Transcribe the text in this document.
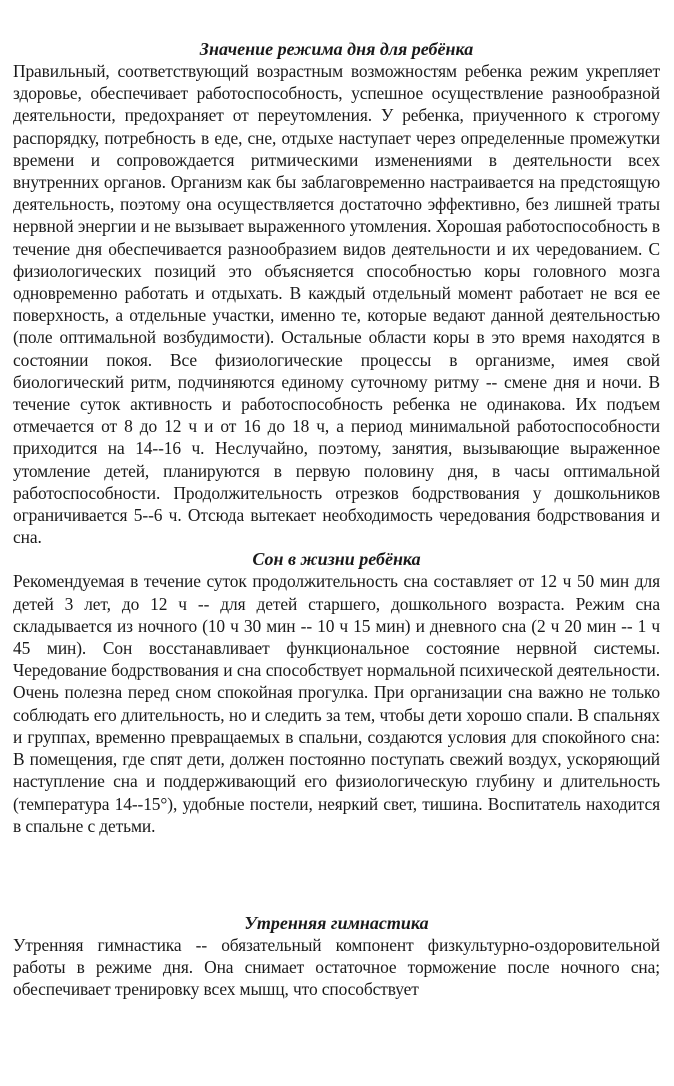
Значение режима дня для ребёнка

Правильный, соответствующий возрастным возможностям ребенка режим укрепляет здоровье, обеспечивает работоспособность, успешное осуществление разнообразной деятельности, предохраняет от переутомления. У ребенка, приученного к строгому распорядку, потребность в еде, сне, отдыхе наступает через определенные промежутки времени и сопровождается ритмическими изменениями в деятельности всех внутренних органов. Организм как бы заблаговременно настраивается на предстоящую деятельность, поэтому она осуществляется достаточно эффективно, без лишней траты нервной энергии и не вызывает выраженного утомления. Хорошая работоспособность в течение дня обеспечивается разнообразием видов деятельности и их чередованием. С физиологических позиций это объясняется способностью коры головного мозга одновременно работать и отдыхать. В каждый отдельный момент работает не вся ее поверхность, а отдельные участки, именно те, которые ведают данной деятельностью (поле оптимальной возбудимости). Остальные области коры в это время находятся в состоянии покоя. Все физиологические процессы в организме, имея свой биологический ритм, подчиняются единому суточному ритму -- смене дня и ночи. В течение суток активность и работоспособность ребенка не одинакова. Их подъем отмечается от 8 до 12 ч и от 16 до 18 ч, а период минимальной работоспособности приходится на 14--16 ч. Неслучайно, поэтому, занятия, вызывающие выраженное утомление детей, планируются в первую половину дня, в часы оптимальной работоспособности. Продолжительность отрезков бодрствования у дошкольников ограничивается 5--6 ч. Отсюда вытекает необходимость чередования бодрствования и сна.

Сон в жизни ребёнка

Рекомендуемая в течение суток продолжительность сна составляет от 12 ч 50 мин для детей 3 лет, до 12 ч -- для детей старшего, дошкольного возраста. Режим сна складывается из ночного (10 ч 30 мин -- 10 ч 15 мин) и дневного сна (2 ч 20 мин -- 1 ч 45 мин). Сон восстанавливает функциональное состояние нервной системы. Чередование бодрствования и сна способствует нормальной психической деятельности. Очень полезна перед сном спокойная прогулка. При организации сна важно не только соблюдать его длительность, но и следить за тем, чтобы дети хорошо спали. В спальнях и группах, временно превращаемых в спальни, создаются условия для спокойного сна: В помещения, где спят дети, должен постоянно поступать свежий воздух, ускоряющий наступление сна и поддерживающий его физиологическую глубину и длительность (температура 14--15°), удобные постели, неяркий свет, тишина. Воспитатель находится в спальне с детьми.

Утренняя гимнастика

Утренняя гимнастика -- обязательный компонент физкультурно-оздоровительной работы в режиме дня. Она снимает остаточное торможение после ночного сна; обеспечивает тренировку всех мышц, что способствует
